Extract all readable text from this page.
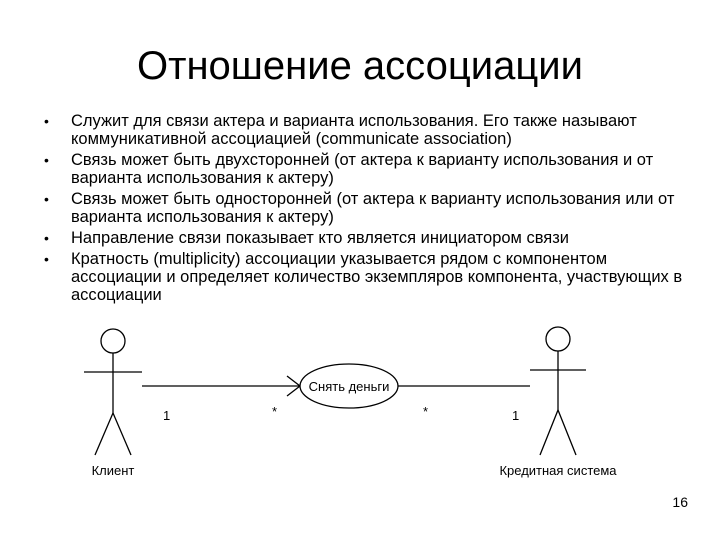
Отношение ассоциации
• Служит для связи актера и варианта использования. Его также называют коммуникативной ассоциацией (communicate association)
• Связь может быть двухсторонней (от актера к варианту использования и от варианта использования к актеру)
• Связь может быть односторонней (от актера к варианту использования или от варианта использования к актеру)
• Направление связи показывает кто является инициатором связи
• Кратность (multiplicity) ассоциации указывается рядом с компонентом ассоциации и определяет количество экземпляров компонента, участвующих в ассоциации
Снять деньги
1	*	*	1
Клиент	Кредитная система
16
